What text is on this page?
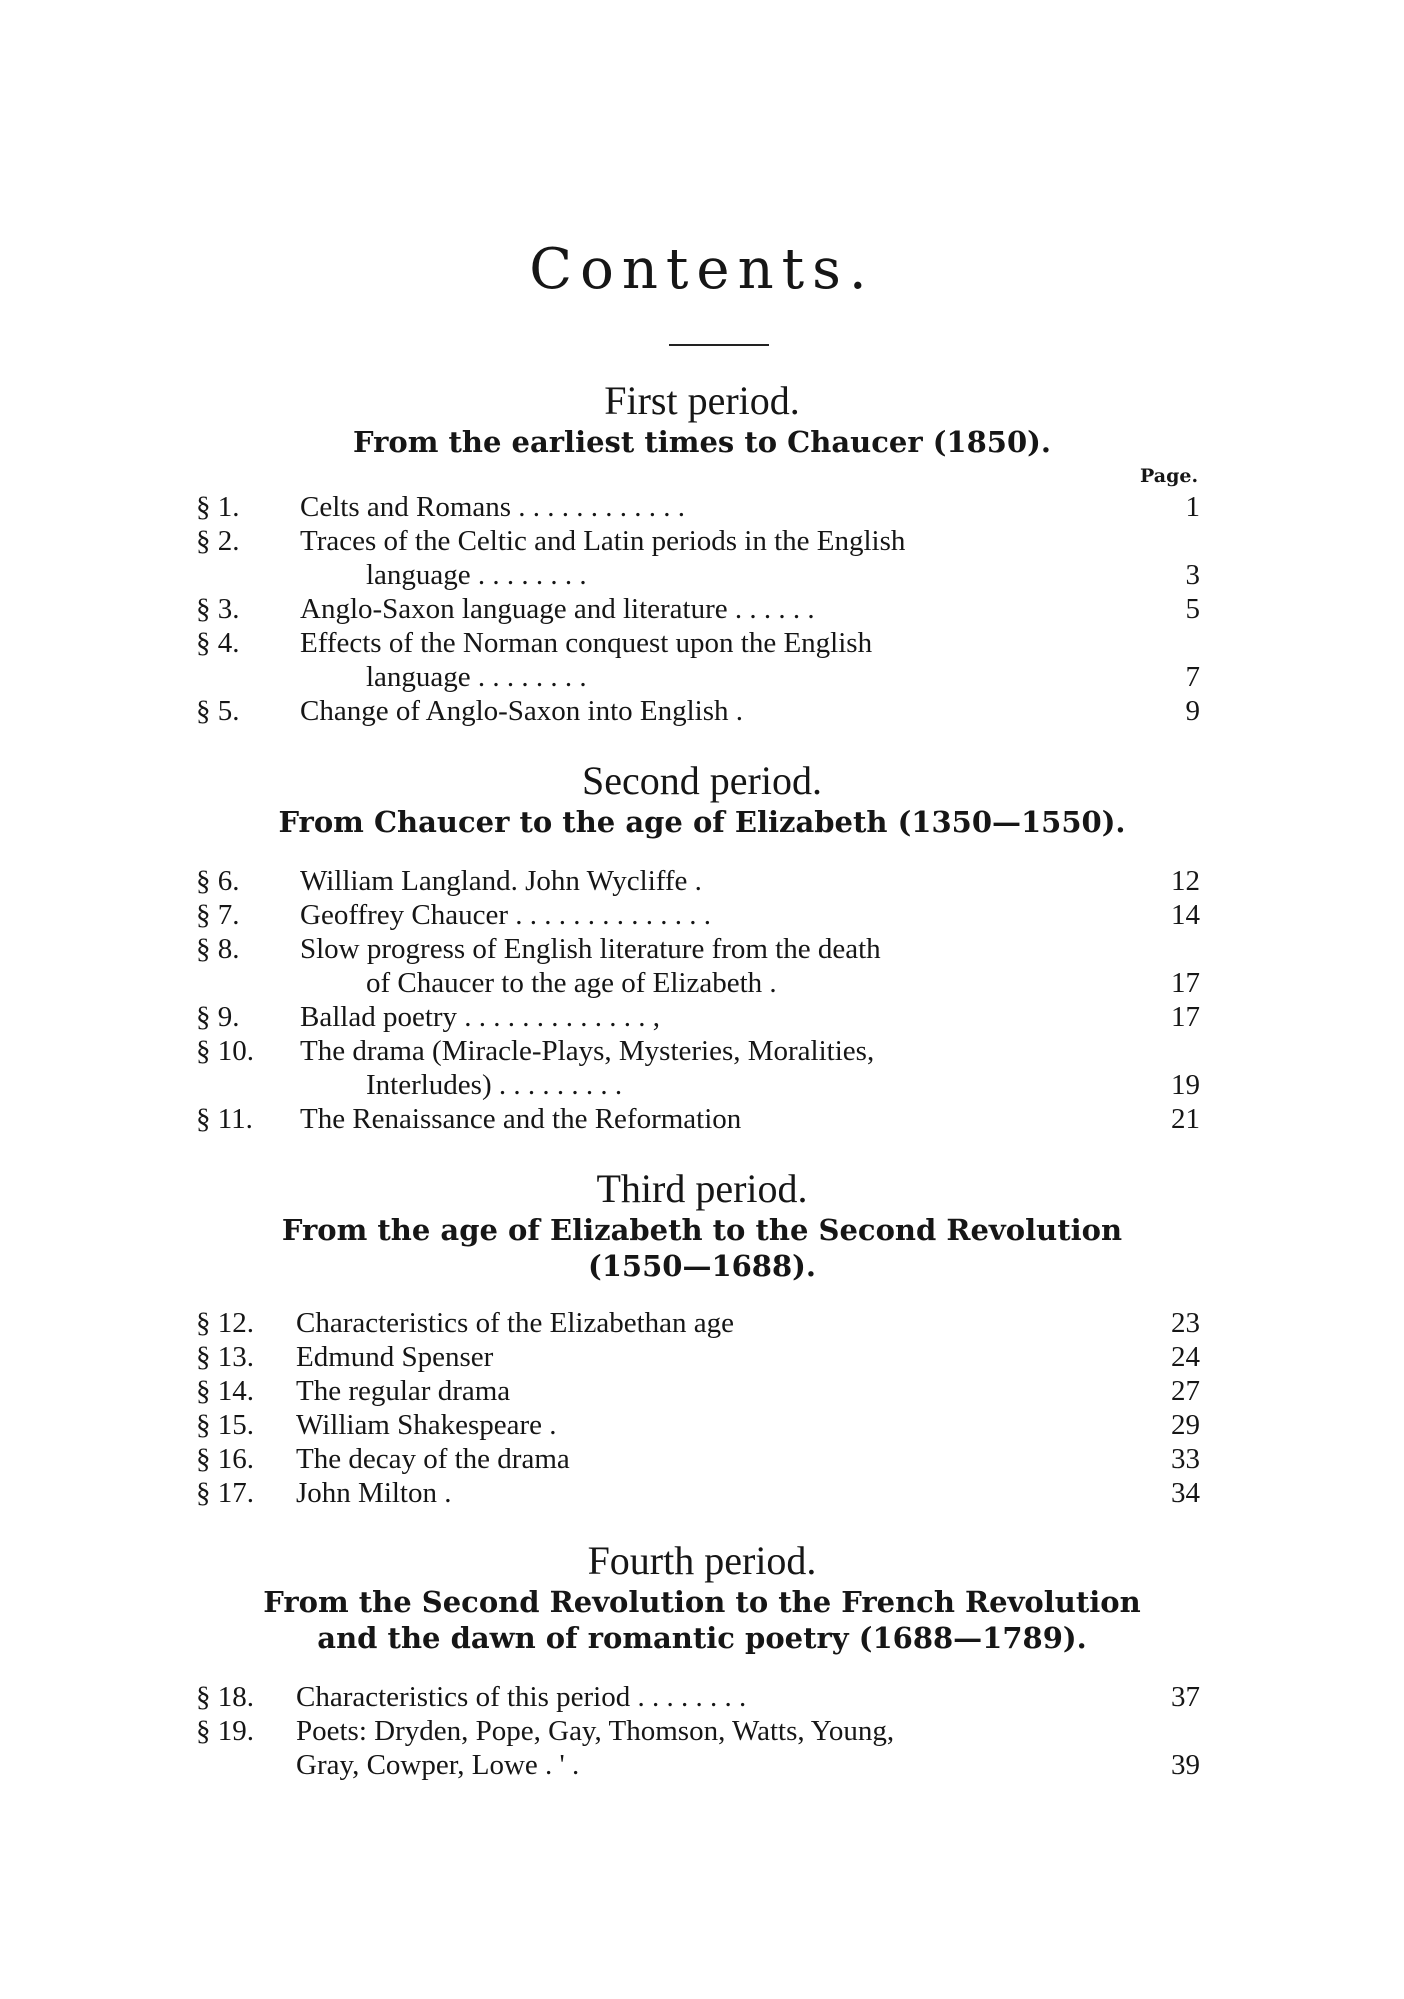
Contents.
First period.
From the earliest times to Chaucer (1850).
Page.
§ 1.	Celts and Romans . . . . . . . . . . . .	1
§ 2.	Traces of the Celtic and Latin periods in the English
language . . . . . . . .	3
§ 3.	Anglo-Saxon language and literature . . . . . .	5
§ 4.	Effects of the Norman conquest upon the English
language . . . . . . . .	7
§ 5.	Change of Anglo-Saxon into English .	9
Second period.
From Chaucer to the age of Elizabeth (1350—1550).
§ 6.	William Langland. John Wycliffe .	12
§ 7.	Geoffrey Chaucer . . . . . . . . . . . . . .	14
§ 8.	Slow progress of English literature from the death
of Chaucer to the age of Elizabeth .	17
§ 9.	Ballad poetry . . . . . . . . . . . . . ,	17
§ 10.	The drama (Miracle-Plays, Mysteries, Moralities,
Interludes) . . . . . . . . .	19
§ 11.	The Renaissance and the Reformation	21
Third period.
From the age of Elizabeth to the Second Revolution
(1550—1688).
§ 12.	Characteristics of the Elizabethan age	23
§ 13.	Edmund Spenser	24
§ 14.	The regular drama	27
§ 15.	William Shakespeare .	29
§ 16.	The decay of the drama	33
§ 17.	John Milton .	34
Fourth period.
From the Second Revolution to the French Revolution
and the dawn of romantic poetry (1688—1789).
§ 18.	Characteristics of this period . . . . . . . .	37
§ 19.	Poets: Dryden, Pope, Gay, Thomson, Watts, Young,
Gray, Cowper, Lowe . ' .	39
